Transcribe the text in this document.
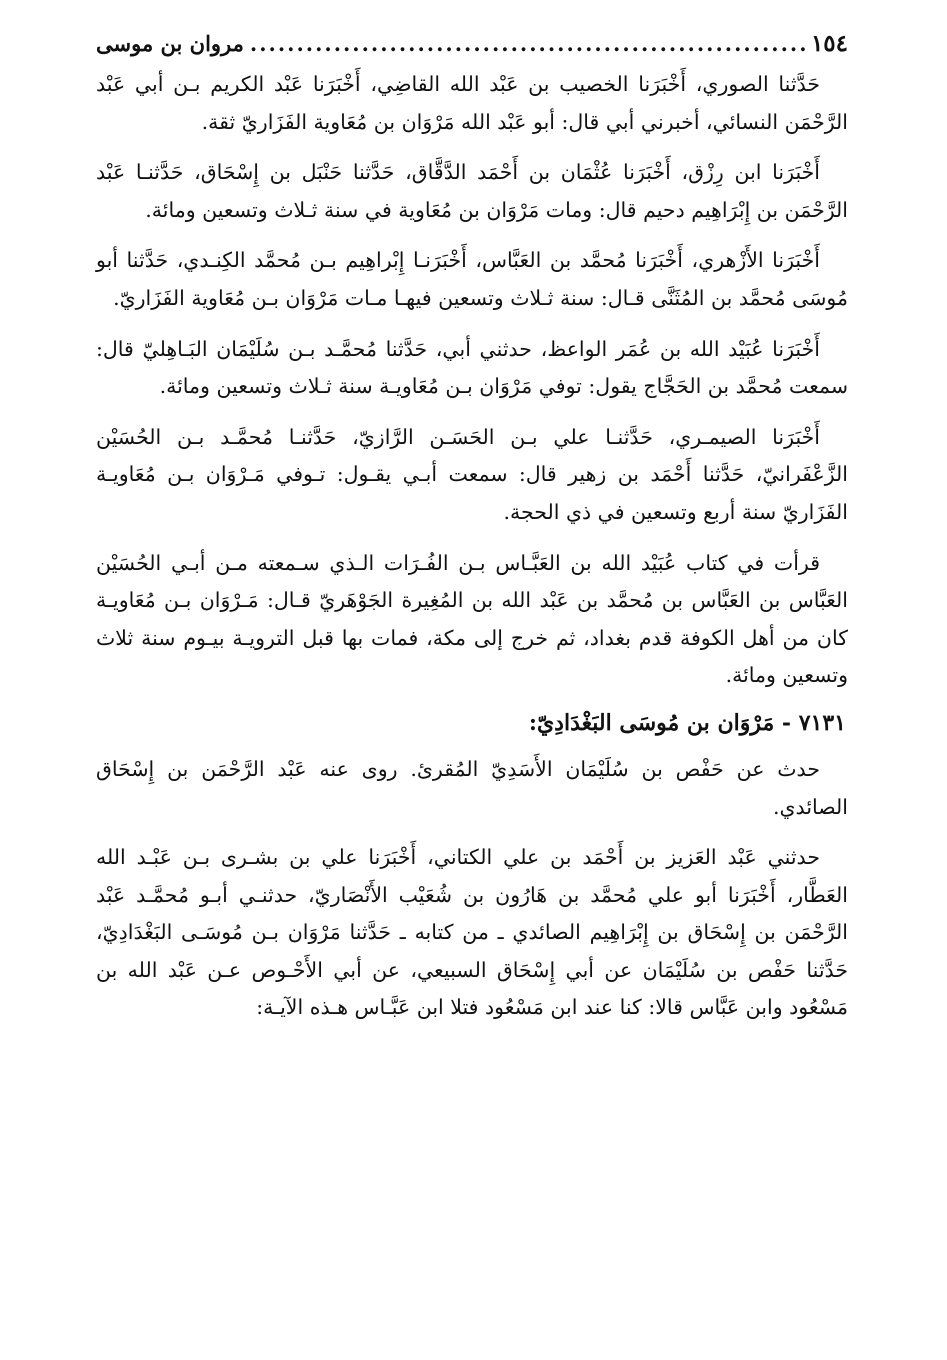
١٥٤
.....
مروان بن موسى

حَدَّثنا الصوري، أَخْبَرَنا الخصيب بن عَبْد الله القاضِي، أَخْبَرَنا عَبْد الكريم بـن أبي عَبْد الرَّحْمَن النسائي، أخبرني أبي قال: أبو عَبْد الله مَرْوَان بن مُعَاوية الفَزَاريّ ثقة.

أَخْبَرَنا ابن رِزْق، أَخْبَرَنا عُثْمَان بن أَحْمَد الدَّقَّاق، حَدَّثنا حَنْبَل بن إِسْحَاق، حَدَّثنـا عَبْد الرَّحْمَن بن إِبْرَاهِيم دحيم قال: ومات مَرْوَان بن مُعَاوية في سنة ثـلاث وتسعين ومائة.

أَخْبَرَنا الأَزْهري، أَخْبَرَنا مُحمَّد بن العَبَّاس، أَخْبَرَنـا إِبْراهِيم بـن مُحمَّد الكِنـدي، حَدَّثنا أبو مُوسَى مُحمَّد بن المُثَنَّى قـال: سنة ثـلاث وتسعين فيهـا مـات مَرْوَان بـن مُعَاوية الفَزَاريّ.

أَخْبَرَنا عُبَيْد الله بن عُمَر الواعظ، حدثني أبي، حَدَّثنا مُحمَّـد بـن سُلَيْمَان البَـاهِليّ قال: سمعت مُحمَّد بن الحَجَّاج يقول: توفي مَرْوَان بـن مُعَاويـة سنة ثـلاث وتسعين ومائة.

أَخْبَرَنا الصيمـري، حَدَّثنـا علي بـن الحَسَـن الرَّازيّ، حَدَّثنـا مُحمَّـد بـن الحُسَيْن الزَّعْفَرانيّ، حَدَّثنا أَحْمَد بن زهير قال: سمعت أبـي يقـول: تـوفي مَـرْوَان بـن مُعَاويـة الفَزَاريّ سنة أربع وتسعين في ذي الحجة.

قرأت في كتاب عُبَيْد الله بن العَبَّـاس بـن الفُـرَات الـذي سـمعته مـن أبـي الحُسَيْن العَبَّاس بن العَبَّاس بن مُحمَّد بن عَبْد الله بن المُغِيرة الجَوْهَريّ قـال: مَـرْوَان بـن مُعَاويـة كان من أهل الكوفة قدم بغداد، ثم خرج إلى مكة، فمات بها قبل الترويـة بيـوم سنة ثلاث وتسعين ومائة.

٧١٣١ - مَرْوَان بن مُوسَى البَغْدَادِيّ:

حدث عن حَفْص بن سُلَيْمَان الأَسَدِيّ المُقرئ. روى عنه عَبْد الرَّحْمَن بن إِسْحَاق الصائدي.

حدثني عَبْد العَزيز بن أَحْمَد بن علي الكتاني، أَخْبَرَنا علي بن بشـرى بـن عَبْـد الله العَطَّار، أَخْبَرَنا أبو علي مُحمَّد بن هَارُون بن شُعَيْب الأَنْصَاريّ، حدثنـي أبـو مُحمَّـد عَبْد الرَّحْمَن بن إِسْحَاق بن إِبْرَاهِيم الصائدي ـ من كتابه ـ حَدَّثنا مَرْوَان بـن مُوسَـى البَغْدَادِيّ، حَدَّثنا حَفْص بن سُلَيْمَان عن أبي إِسْحَاق السبيعي، عن أبي الأَحْـوص عـن عَبْد الله بن مَسْعُود وابن عَبَّاس قالا: كنا عند ابن مَسْعُود فتلا ابن عَبَّـاس هـذه الآيـة:
